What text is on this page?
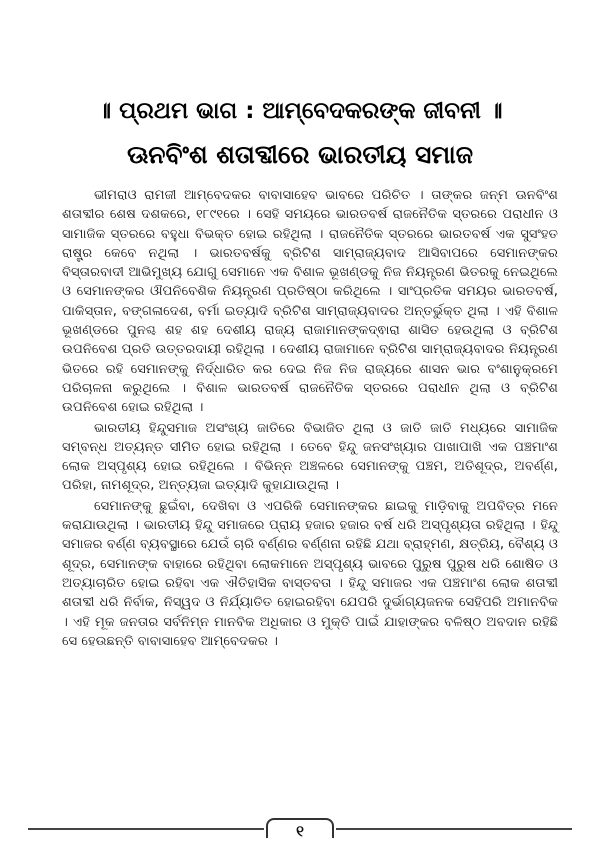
॥ ପ୍ରଥମ ଭାଗ : ଆମ୍ବେଦକରଙ୍କ ଜୀବନୀ ॥
ଊନବିଂଶ ଶତାବ୍ଦୀରେ ଭାରତୀୟ ସମାଜ

ଭୀମରାଓ ରାମଜୀ ଆମ୍ବେଦକର ବାବାସାହେବ ଭାବରେ ପରିଚିତ । ତାଙ୍କର ଜନ୍ମ ଊନବିଂଶ ଶତାବ୍ଦୀର ଶେଷ ଦଶକରେ, ୧୮୯୧ରେ । ସେହି ସମୟରେ ଭାରତବର୍ଷ ରାଜନୈତିକ ସ୍ତରରେ ପରାଧୀନ ଓ ସାମାଜିକ ସ୍ତରରେ ବହୁଧା ବିଭକ୍ତ ହୋଇ ରହିଥିଲା । ରାଜନୈତିକ ସ୍ତରରେ ଭାରତବର୍ଷ ଏକ ସୁସଂହତ ରାଷ୍ଟ୍ର କେବେ ନଥିଲା । ଭାରତବର୍ଷକୁ ବ୍ରିଟିଶ ସାମ୍ରାଜ୍ୟବାଦ ଆସିବାପରେ ସେମାନଙ୍କର ବିସ୍ତାରବାଦୀ ଆଭିମୁଖ୍ୟ ଯୋଗୁ ସେମାନେ ଏକ ବିଶାଳ ଭୂଖଣ୍ଡକୁ ନିଜ ନିୟନ୍ତ୍ରଣ ଭିତରକୁ ନେଇଥିଲେ ଓ ସେମାନଙ୍କର ଔପନିବେଶିକ ନିୟନ୍ତ୍ରଣ ପ୍ରତିଷ୍ଠା କରିଥିଲେ । ସାଂପ୍ରତିକ ସମୟର ଭାରତବର୍ଷ, ପାକିସ୍ତାନ, ବଙ୍ଗଳାଦେଶ, ବର୍ମା ଇତ୍ୟାଦି ବ୍ରିଟିଶ ସାମ୍ରାଜ୍ୟବାଦର ଅନ୍ତର୍ଭୁକ୍ତ ଥିଲା । ଏହି ବିଶାଳ ଭୂଖଣ୍ଡରେ ପୁନଶ୍ଚ ଶହ ଶହ ଦେଶୀୟ ରାଜ୍ୟ ରାଜାମାନଙ୍କଦ୍ଵାରା ଶାସିତ ହେଉଥିଲା ଓ ବ୍ରିଟିଶ ଉପନିବେଶ ପ୍ରତି ଉତ୍ତରଦାୟୀ ରହିଥିଲା । ଦେଶୀୟ ରାଜାମାନେ ବ୍ରିଟିଶ ସାମ୍ରାଜ୍ୟବାଦର ନିୟନ୍ତ୍ରଣ ଭିତରେ ରହି ସେମାନଙ୍କୁ ନିର୍ଦ୍ଧାରିତ କର ଦେଇ ନିଜ ନିଜ ରାଜ୍ୟରେ ଶାସନ ଭାର ବଂଶାନୁକ୍ରମେ ପରିଚାଳନା କରୁଥିଲେ । ବିଶାଳ ଭାରତବର୍ଷ ରାଜନୈତିକ ସ୍ତରରେ ପରାଧୀନ ଥିଲା ଓ ବ୍ରିଟିଶ ଉପନିବେଶ ହୋଇ ରହିଥିଲା ।

ଭାରତୀୟ ହିନ୍ଦୁସମାଜ ଅସଂଖ୍ୟ ଜାତିରେ ବିଭାଜିତ ଥିଲା ଓ ଜାତି ଜାତି ମଧ୍ୟରେ ସାମାଜିକ ସମ୍ବନ୍ଧ ଅତ୍ୟନ୍ତ ସୀମିତ ହୋଇ ରହିଥିଲା । ତେବେ ହିନ୍ଦୁ ଜନସଂଖ୍ୟାର ପାଖାପାଖି ଏକ ପଞ୍ଚମାଂଶ ଲୋକ ଅସ୍ପୃଶ୍ୟ ହୋଇ ରହିଥିଲେ । ବିଭିନ୍ନ ଅଞ୍ଚଳରେ ସେମାନଙ୍କୁ ପଞ୍ଚମ, ଅତିଶୂଦ୍ର, ଅବର୍ଣ୍ଣ, ପରିହା, ନାମଶୂଦ୍ର, ଅନ୍ତ୍ୟଜା ଇତ୍ୟାଦି କୁହାଯାଉଥିଲା ।

ସେମାନଙ୍କୁ ଛୁଇଁବା, ଦେଖିବା ଓ ଏପରିକି ସେମାନଙ୍କର ଛାଇକୁ ମାଡ଼ିବାକୁ ଅପବିତ୍ର ମନେ କରାଯାଉଥିଲା । ଭାରତୀୟ ହିନ୍ଦୁ ସମାଜରେ ପ୍ରାୟ ହଜାର ହଜାର ବର୍ଷ ଧରି ଅସ୍ପୃଶ୍ୟତା ରହିଥିଲା । ହିନ୍ଦୁ ସମାଜର ବର୍ଣ୍ଣ ବ୍ୟବସ୍ଥାରେ ଯେଉଁ ଚାରି ବର୍ଣ୍ଣର ବର୍ଣ୍ଣନା ରହିଛି ଯଥା ବ୍ରାହ୍ମଣ, କ୍ଷତ୍ରିୟ, ବୈଶ୍ୟ ଓ ଶୂଦ୍ର, ସେମାନଙ୍କ ବାହାରେ ରହିଥିବା ଲୋକମାନେ ଅସ୍ପୃଶ୍ୟ ଭାବରେ ପୁରୁଷ ପୁରୁଷ ଧରି ଶୋଷିତ ଓ ଅତ୍ୟାଚାରିତ ହୋଇ ରହିବା ଏକ ଐତିହାସିକ ବାସ୍ତବତା । ହିନ୍ଦୁ ସମାଜର ଏକ ପଞ୍ଚମାଂଶ ଲୋକ ଶତାବ୍ଦୀ ଶତାବ୍ଦୀ ଧରି ନିର୍ବାକ, ନିସ୍ୱଦ ଓ ନିର୍ଯ୍ୟାତିତ ହୋଇରହିବା ଯେପରି ଦୁର୍ଭାଗ୍ୟଜନକ ସେହିପରି ଅମାନବିକ । ଏହି ମୂକ ଜନତାର ସର୍ବନିମ୍ନ ମାନବିକ ଅଧିକାର ଓ ମୁକ୍ତି ପାଇଁ ଯାହାଙ୍କର ବଳିଷ୍ଠ ଅବଦାନ ରହିଛି ସେ ହେଉଛନ୍ତି ବାବାସାହେବ ଆମ୍ବେଦକର ।

୧
